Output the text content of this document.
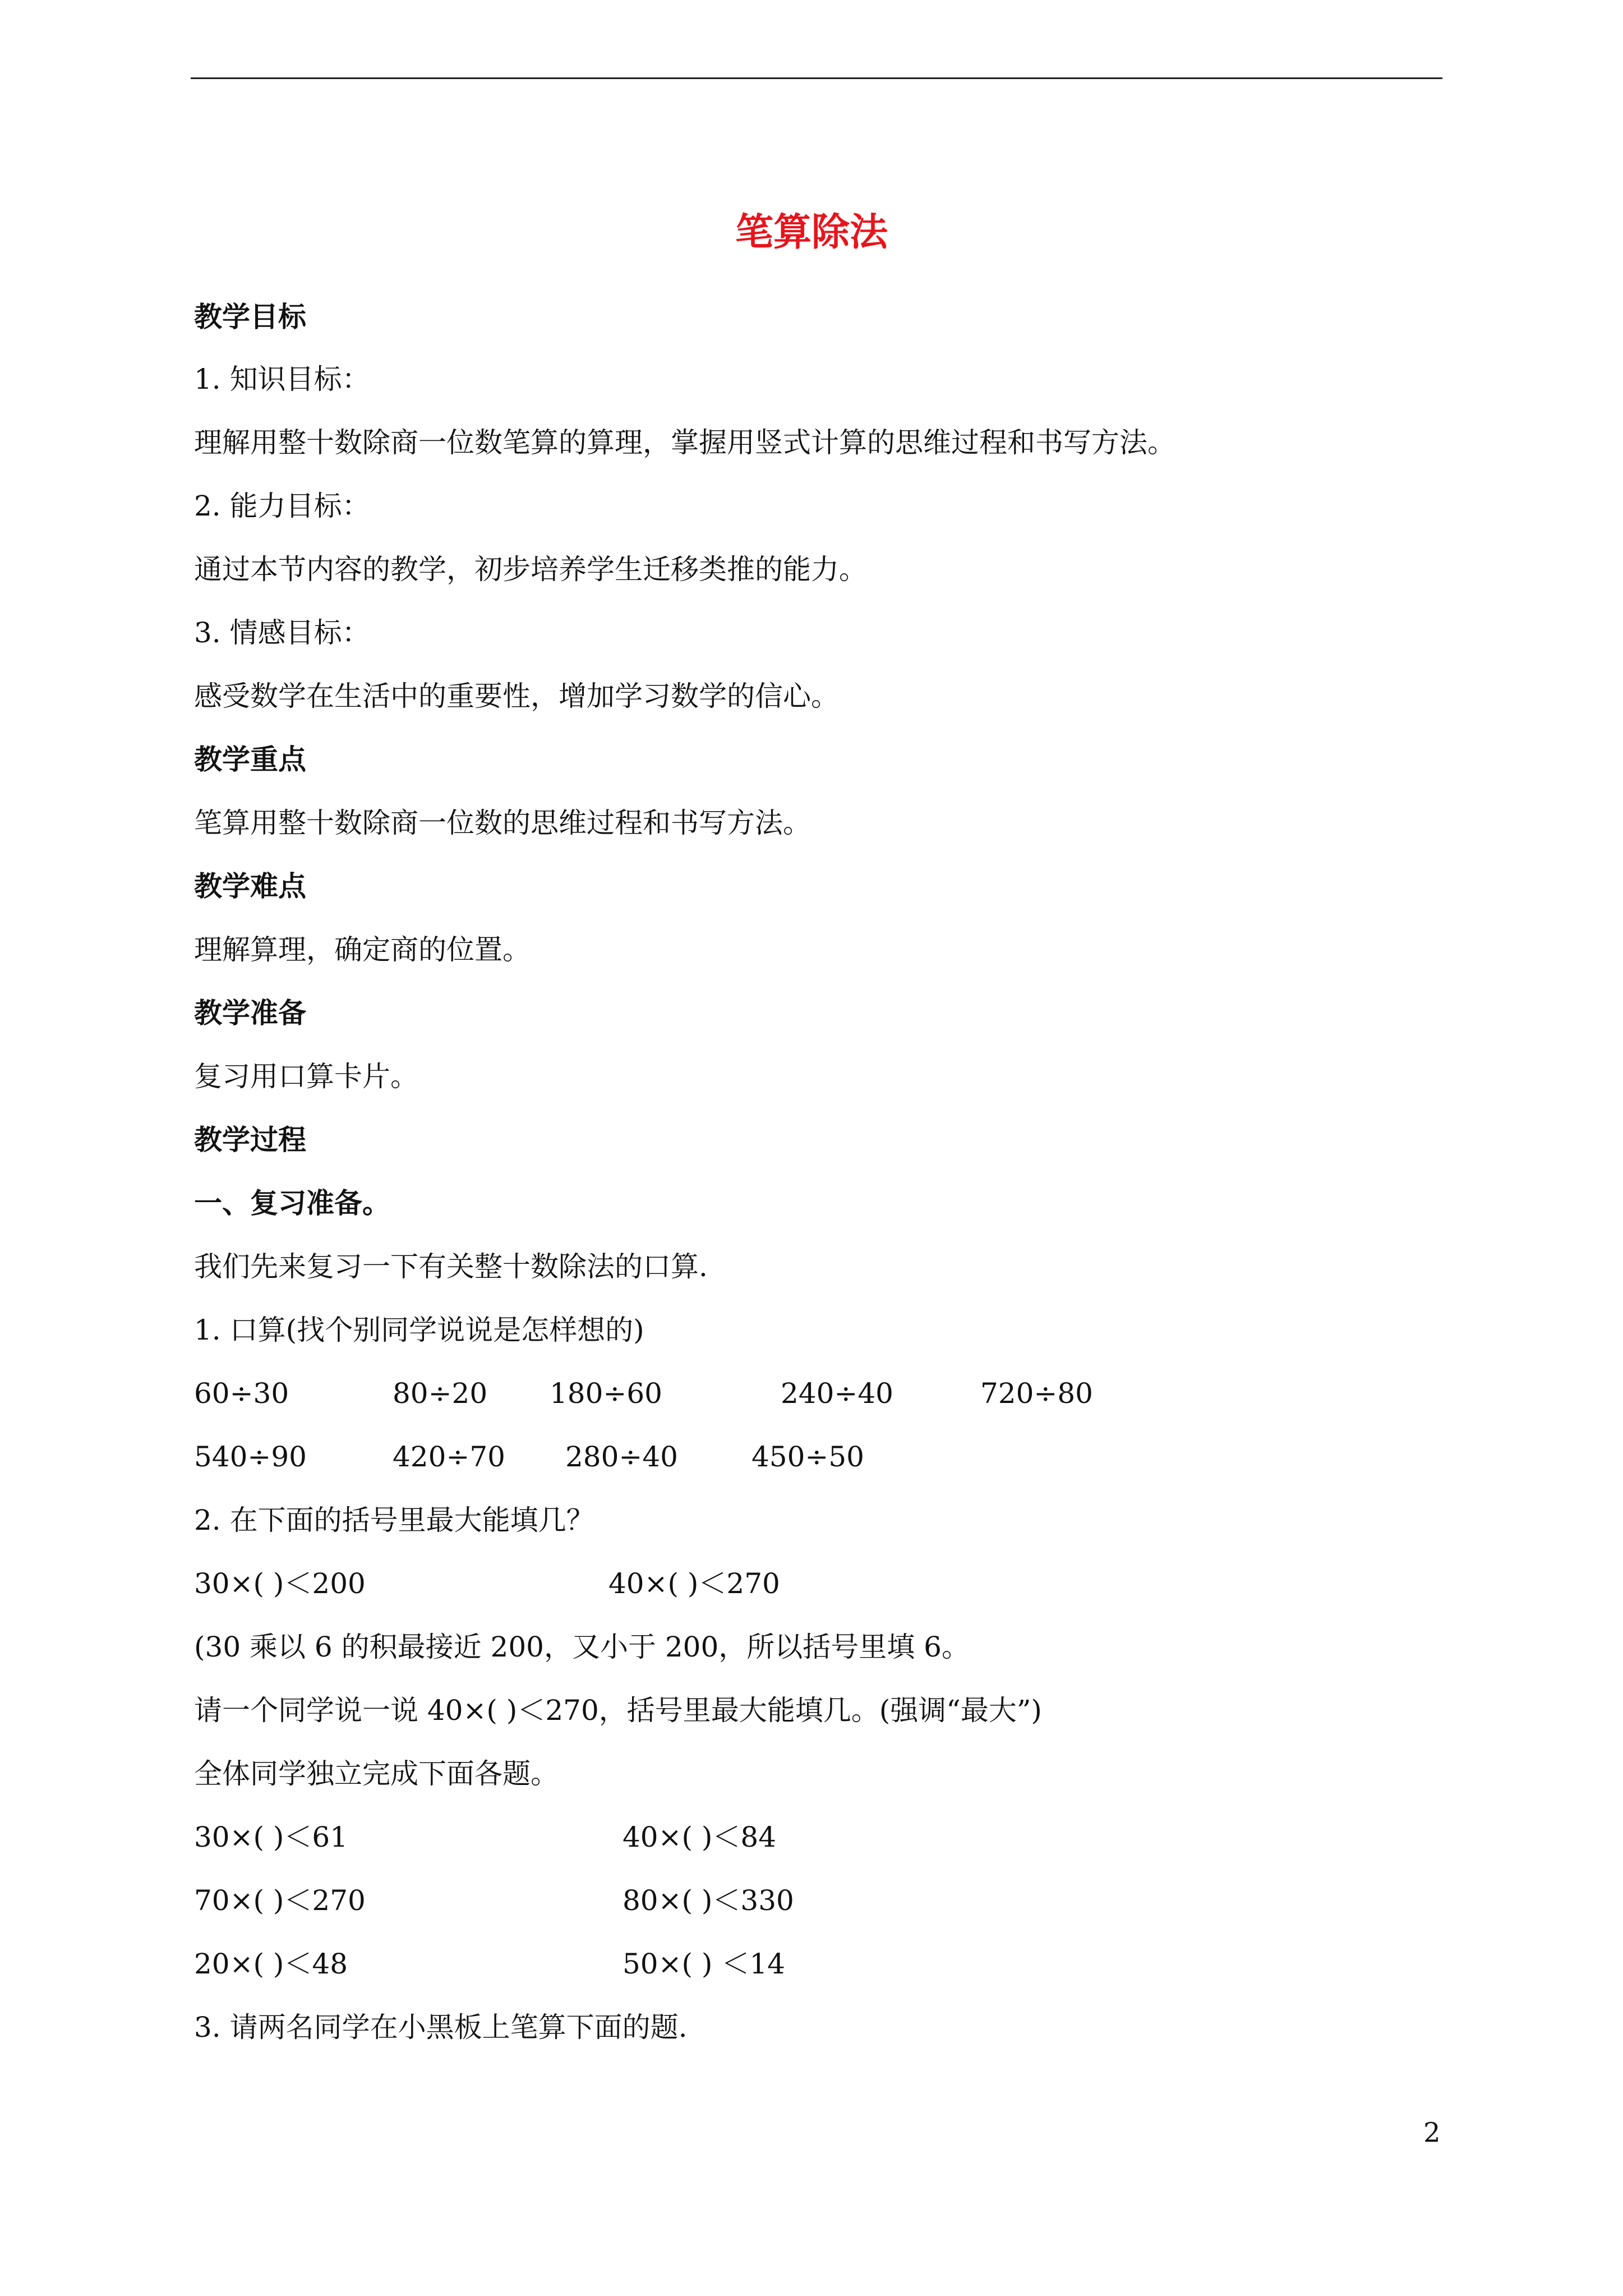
笔算除法
教学目标
1. 知识目标：
理解用整十数除商一位数笔算的算理，掌握用竖式计算的思维过程和书写方法。
2. 能力目标：
通过本节内容的教学，初步培养学生迁移类推的能力。
3. 情感目标：
感受数学在生活中的重要性，增加学习数学的信心。
教学重点
笔算用整十数除商一位数的思维过程和书写方法。
教学难点
理解算理，确定商的位置。
教学准备
复习用口算卡片。
教学过程
一、复习准备。
我们先来复习一下有关整十数除法的口算.
1. 口算(找个别同学说说是怎样想的)
60÷30	80÷20 180÷60	240÷40	720÷80
540÷90	420÷70 280÷40	450÷50
2. 在下面的括号里最大能填几？
30×( )＜200	40×( )＜270
(30 乘以 6 的积最接近 200，又小于 200，所以括号里填 6。
请一个同学说一说 40×( )＜270，括号里最大能填几。(强调“最大”)
全体同学独立完成下面各题。
30×( )＜61	40×( )＜84
70×( )＜270	80×( )＜330
20×( )＜48	50×( ) ＜14
3. 请两名同学在小黑板上笔算下面的题.
2
